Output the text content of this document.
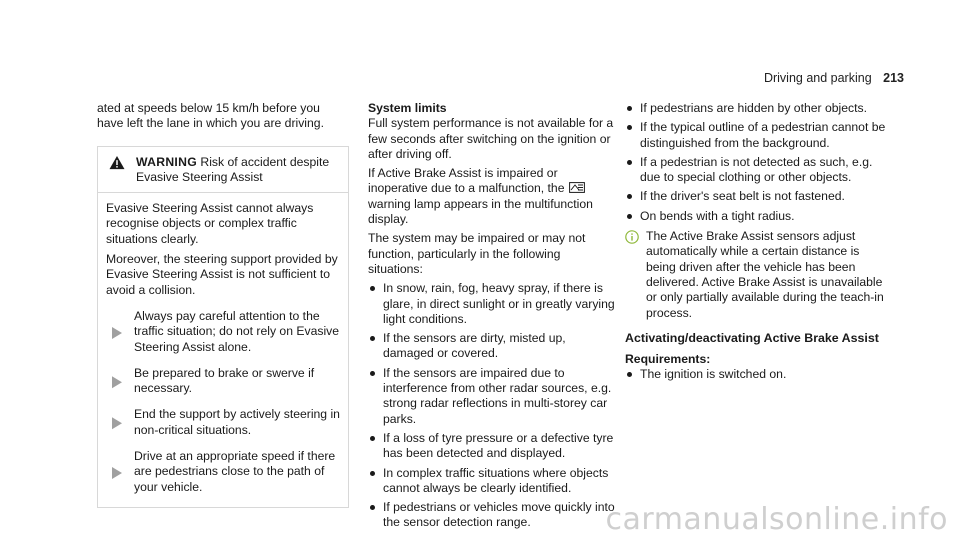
Driving and parking 213

ated at speeds below 15 km/h before you have left the lane in which you are driving.

WARNING Risk of accident despite Evasive Steering Assist

Evasive Steering Assist cannot always recognise objects or complex traffic situations clearly.

Moreover, the steering support provided by Evasive Steering Assist is not sufficient to avoid a collision.

Always pay careful attention to the traffic situation; do not rely on Evasive Steering Assist alone.
Be prepared to brake or swerve if necessary.
End the support by actively steering in non-critical situations.
Drive at an appropriate speed if there are pedestrians close to the path of your vehicle.
System limits

Full system performance is not available for a few seconds after switching on the ignition or after driving off.

If Active Brake Assist is impaired or inoperative due to a malfunction, the  warning lamp appears in the multifunction display.

The system may be impaired or may not function, particularly in the following situations:

In snow, rain, fog, heavy spray, if there is glare, in direct sunlight or in greatly varying light conditions.
If the sensors are dirty, misted up, damaged or covered.
If the sensors are impaired due to interference from other radar sources, e.g. strong radar reflections in multi-storey car parks.
If a loss of tyre pressure or a defective tyre has been detected and displayed.
In complex traffic situations where objects cannot always be clearly identified.
If pedestrians or vehicles move quickly into the sensor detection range.
If pedestrians are hidden by other objects.
If the typical outline of a pedestrian cannot be distinguished from the background.
If a pedestrian is not detected as such, e.g. due to special clothing or other objects.
If the driver's seat belt is not fastened.
On bends with a tight radius.
The Active Brake Assist sensors adjust automatically while a certain distance is being driven after the vehicle has been delivered. Active Brake Assist is unavailable or only partially available during the teach-in process.
Activating/deactivating Active Brake Assist
Requirements:
The ignition is switched on.
carmanualsonline.info
